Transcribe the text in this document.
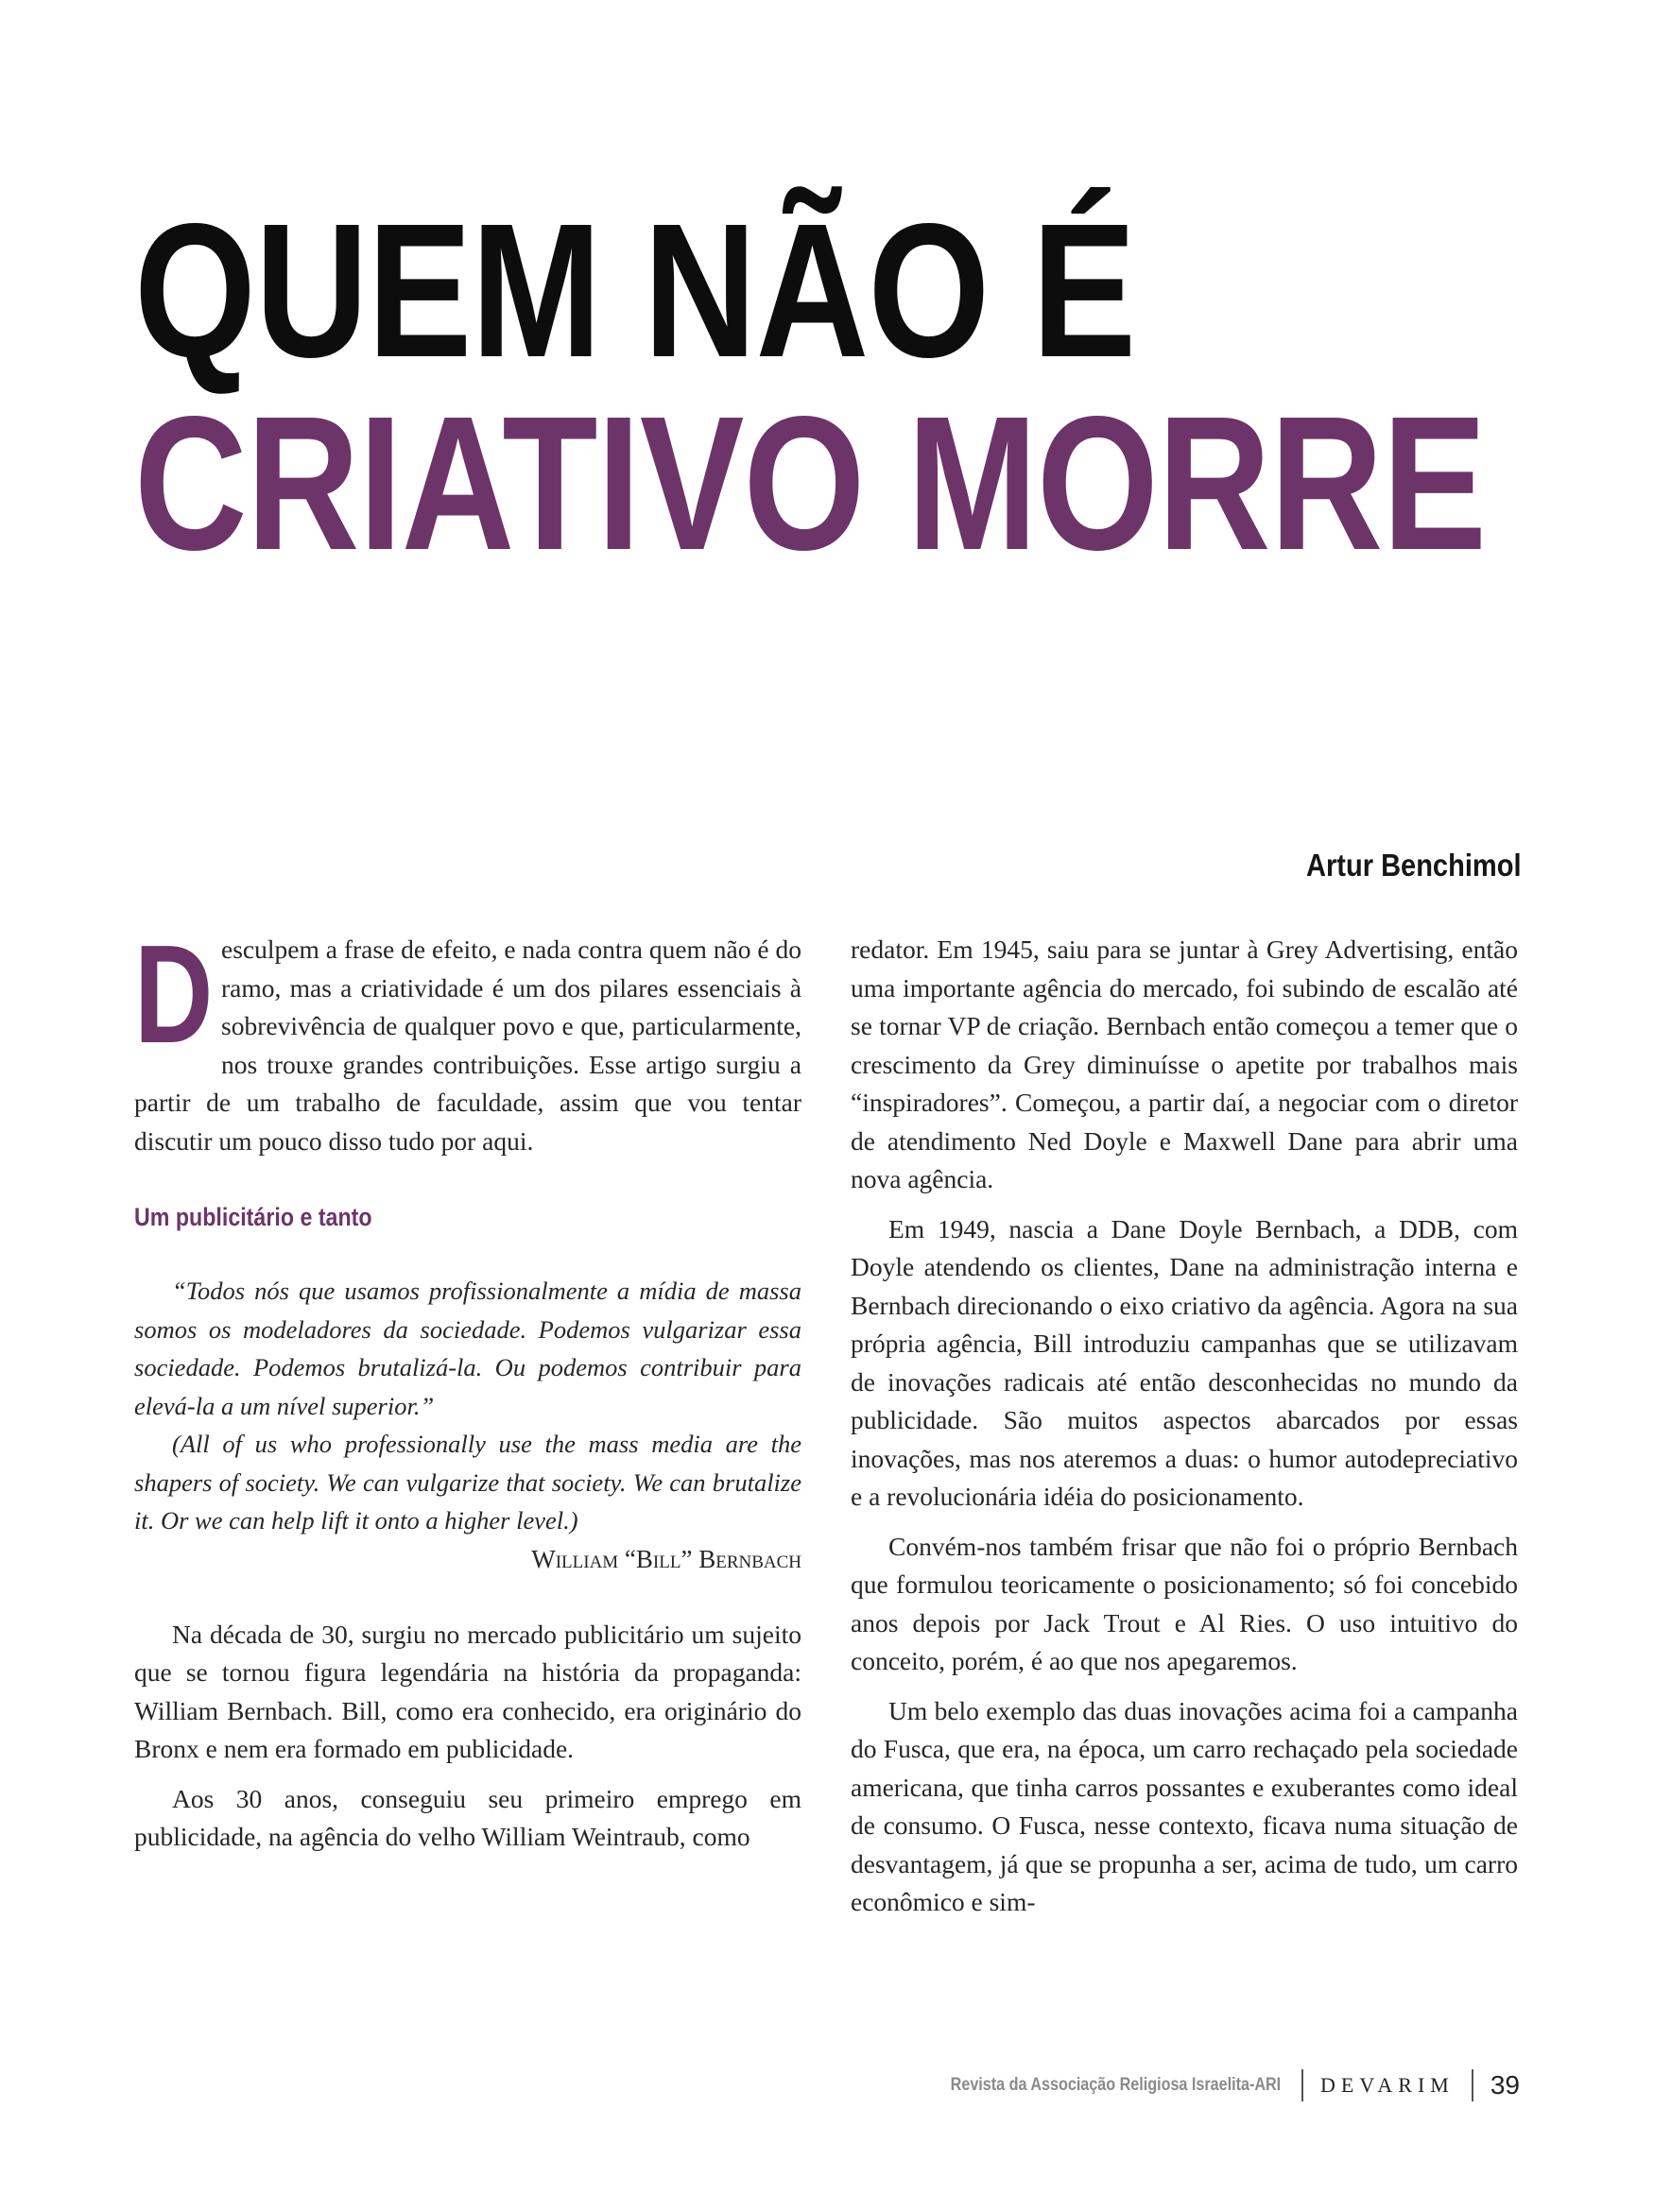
QUEM NÃO É
CRIATIVO MORRE
Artur Benchimol

Desculpem a frase de efeito, e nada contra quem não é do ramo, mas a criatividade é um dos pilares essenciais à sobrevivência de qualquer povo e que, particularmente, nos trouxe grandes contribuições. Esse artigo surgiu a partir de um trabalho de faculdade, assim que vou tentar discutir um pouco disso tudo por aqui.

Um publicitário e tanto

“Todos nós que usamos profissionalmente a mídia de massa somos os modeladores da sociedade. Podemos vulgarizar essa sociedade. Podemos brutalizá-la. Ou podemos contribuir para elevá-la a um nível superior.”

(All of us who professionally use the mass media are the shapers of society. We can vulgarize that society. We can brutalize it. Or we can help lift it onto a higher level.)

William “Bill” Bernbach

Na década de 30, surgiu no mercado publicitário um sujeito que se tornou figura legendária na história da propaganda: William Bernbach. Bill, como era conhecido, era originário do Bronx e nem era formado em publicidade.

Aos 30 anos, conseguiu seu primeiro emprego em publicidade, na agência do velho William Weintraub, como

redator. Em 1945, saiu para se juntar à Grey Advertising, então uma importante agência do mercado, foi subindo de escalão até se tornar VP de criação. Bernbach então começou a temer que o crescimento da Grey diminuísse o apetite por trabalhos mais “inspiradores”. Começou, a partir daí, a negociar com o diretor de atendimento Ned Doyle e Maxwell Dane para abrir uma nova agência.

Em 1949, nascia a Dane Doyle Bernbach, a DDB, com Doyle atendendo os clientes, Dane na administração interna e Bernbach direcionando o eixo criativo da agência. Agora na sua própria agência, Bill introduziu campanhas que se utilizavam de inovações radicais até então desconhecidas no mundo da publicidade. São muitos aspectos abarcados por essas inovações, mas nos ateremos a duas: o humor autodepreciativo e a revolucionária idéia do posicionamento.

Convém-nos também frisar que não foi o próprio Bernbach que formulou teoricamente o posicionamento; só foi concebido anos depois por Jack Trout e Al Ries. O uso intuitivo do conceito, porém, é ao que nos apegaremos.

Um belo exemplo das duas inovações acima foi a campanha do Fusca, que era, na época, um carro rechaçado pela sociedade americana, que tinha carros possantes e exuberantes como ideal de consumo. O Fusca, nesse contexto, ficava numa situação de desvantagem, já que se propunha a ser, acima de tudo, um carro econômico e sim-

Revista da Associação Religiosa Israelita-ARI DEVARIM 39
